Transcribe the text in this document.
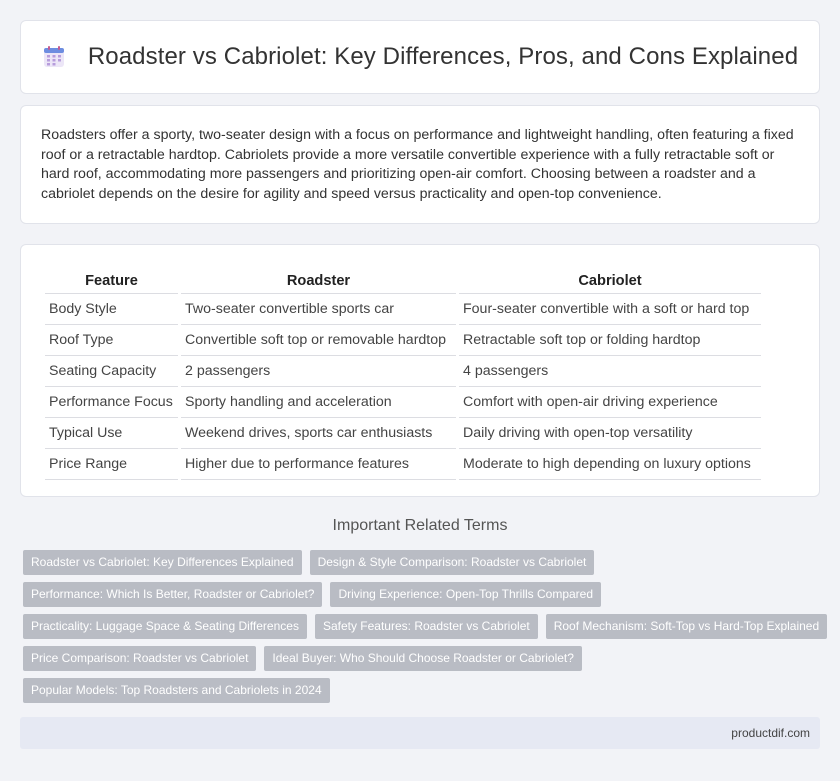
Roadster vs Cabriolet: Key Differences, Pros, and Cons Explained

Roadsters offer a sporty, two-seater design with a focus on performance and lightweight handling, often featuring a fixed roof or a retractable hardtop. Cabriolets provide a more versatile convertible experience with a fully retractable soft or hard roof, accommodating more passengers and prioritizing open-air comfort. Choosing between a roadster and a cabriolet depends on the desire for agility and speed versus practicality and open-top convenience.

Feature	Roadster	Cabriolet
Body Style	Two-seater convertible sports car	Four-seater convertible with a soft or hard top
Roof Type	Convertible soft top or removable hardtop	Retractable soft top or folding hardtop
Seating Capacity	2 passengers	4 passengers
Performance Focus	Sporty handling and acceleration	Comfort with open-air driving experience
Typical Use	Weekend drives, sports car enthusiasts	Daily driving with open-top versatility
Price Range	Higher due to performance features	Moderate to high depending on luxury options
Important Related Terms
Roadster vs Cabriolet: Key Differences Explained	Design & Style Comparison: Roadster vs Cabriolet
Performance: Which Is Better, Roadster or Cabriolet?	Driving Experience: Open-Top Thrills Compared
Practicality: Luggage Space & Seating Differences	Safety Features: Roadster vs Cabriolet	Roof Mechanism: Soft-Top vs Hard-Top Explained
Price Comparison: Roadster vs Cabriolet	Ideal Buyer: Who Should Choose Roadster or Cabriolet?
Popular Models: Top Roadsters and Cabriolets in 2024
productdif.com
